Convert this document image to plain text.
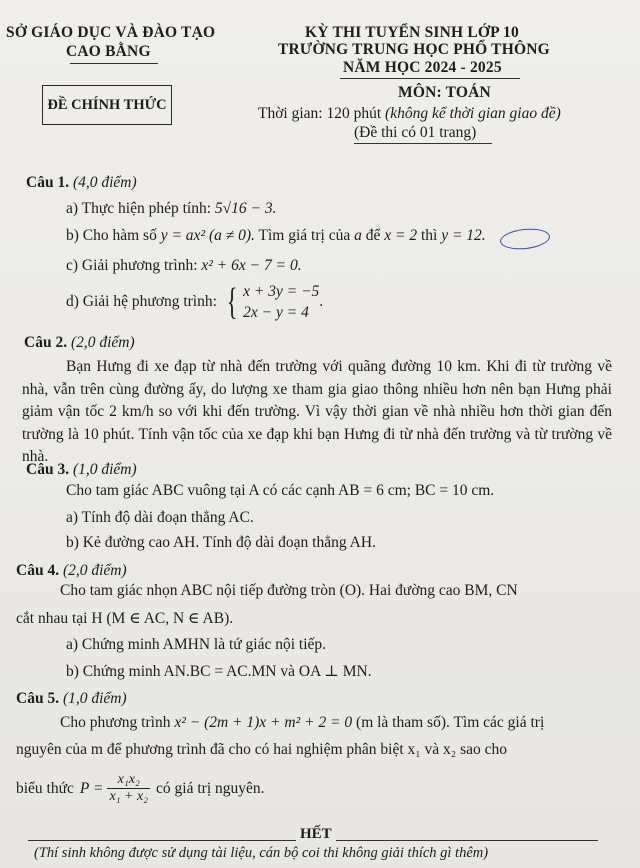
SỞ GIÁO DỤC VÀ ĐÀO TẠO
CAO BẰNG
KỲ THI TUYỂN SINH LỚP 10
TRƯỜNG TRUNG HỌC PHỔ THÔNG
NĂM HỌC 2024 - 2025
ĐỀ CHÍNH THỨC
MÔN: TOÁN
Thời gian: 120 phút (không kể thời gian giao đề)
(Đề thi có 01 trang)
Câu 1. (4,0 điểm)
a) Thực hiện phép tính: 5√16 − 3.
b) Cho hàm số y = ax² (a ≠ 0). Tìm giá trị của a để x = 2 thì y = 12.
c) Giải phương trình: x² + 6x − 7 = 0.
d) Giải hệ phương trình: { x + 3y = −5
2x − y = 4
.
Câu 2. (2,0 điểm)
Bạn Hưng đi xe đạp từ nhà đến trường với quãng đường 10 km. Khi đi từ trường về nhà, vẫn trên cùng đường ấy, do lượng xe tham gia giao thông nhiều hơn nên bạn Hưng phải giảm vận tốc 2 km/h so với khi đến trường. Vì vậy thời gian về nhà nhiều hơn thời gian đến trường là 10 phút. Tính vận tốc của xe đạp khi bạn Hưng đi từ nhà đến trường và từ trường về nhà.
Câu 3. (1,0 điểm)
Cho tam giác ABC vuông tại A có các cạnh AB = 6 cm; BC = 10 cm.
a) Tính độ dài đoạn thẳng AC.
b) Kẻ đường cao AH. Tính độ dài đoạn thẳng AH.
Câu 4. (2,0 điểm)
Cho tam giác nhọn ABC nội tiếp đường tròn (O). Hai đường cao BM, CN
cắt nhau tại H (M ∈ AC, N ∈ AB).
a) Chứng minh AMHN là tứ giác nội tiếp.
b) Chứng minh AN.BC = AC.MN và OA ⊥ MN.
Câu 5. (1,0 điểm)
Cho phương trình x² − (2m + 1)x + m² + 2 = 0 (m là tham số). Tìm các giá trị
nguyên của m để phương trình đã cho có hai nghiệm phân biệt x₁ và x₂ sao cho
biểu thức $P = \frac{\text{x₁x₂}}{\text{x₁ + x₂}}$ có giá trị nguyên.
HẾT
(Thí sinh không được sử dụng tài liệu, cán bộ coi thi không giải thích gì thêm)
